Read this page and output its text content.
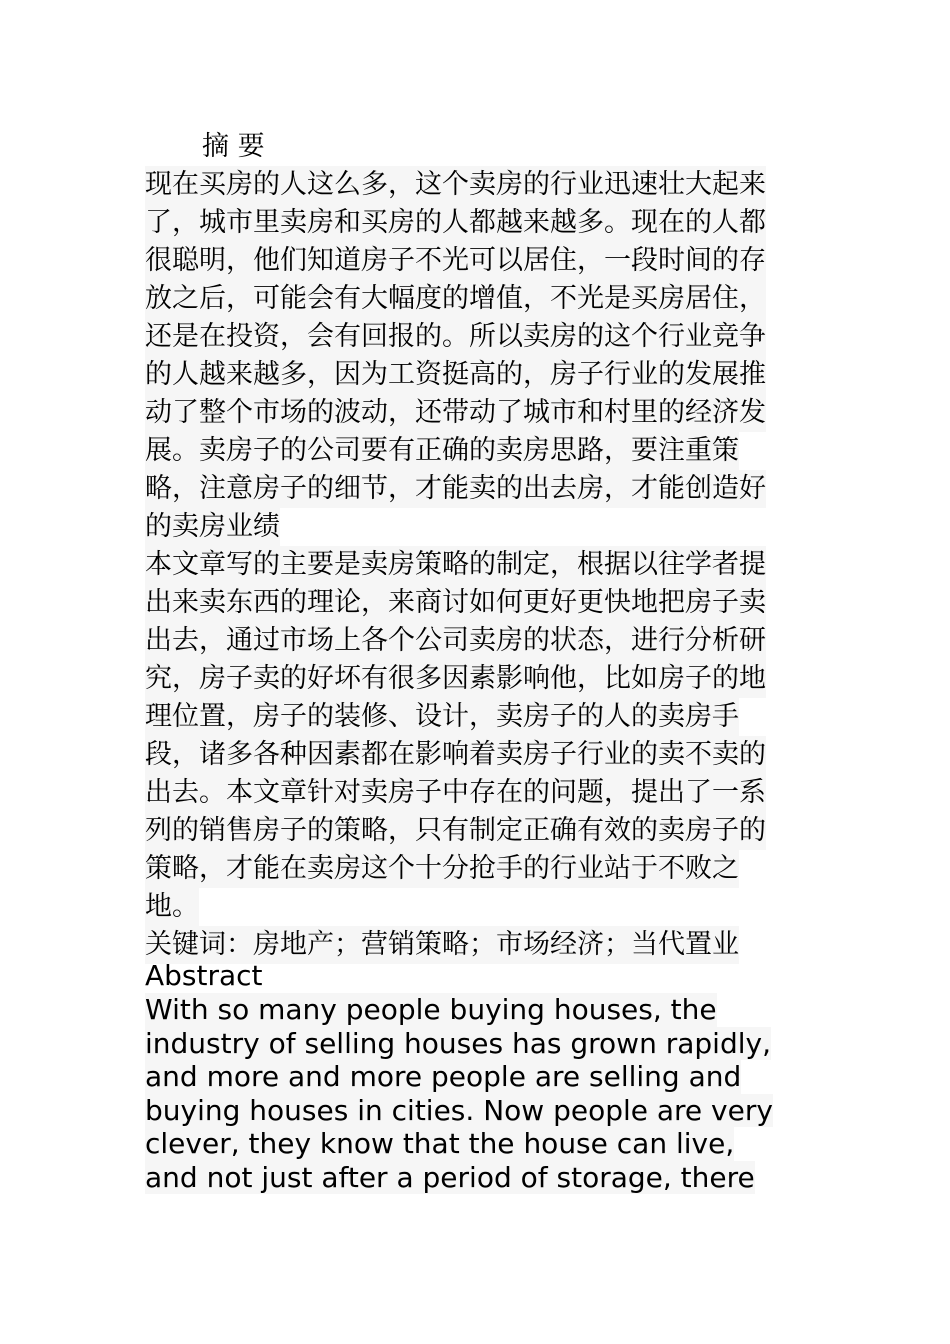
摘 要
现在买房的人这么多，这个卖房的行业迅速壮大起来
了，城市里卖房和买房的人都越来越多。现在的人都
很聪明，他们知道房子不光可以居住，一段时间的存
放之后，可能会有大幅度的增值，不光是买房居住，
还是在投资，会有回报的。所以卖房的这个行业竞争
的人越来越多，因为工资挺高的，房子行业的发展推
动了整个市场的波动，还带动了城市和村里的经济发
展。卖房子的公司要有正确的卖房思路，要注重策
略，注意房子的细节，才能卖的出去房，才能创造好
的卖房业绩
本文章写的主要是卖房策略的制定，根据以往学者提
出来卖东西的理论，来商讨如何更好更快地把房子卖
出去，通过市场上各个公司卖房的状态，进行分析研
究，房子卖的好坏有很多因素影响他，比如房子的地
理位置，房子的装修、设计，卖房子的人的卖房手
段，诸多各种因素都在影响着卖房子行业的卖不卖的
出去。本文章针对卖房子中存在的问题，提出了一系
列的销售房子的策略，只有制定正确有效的卖房子的
策略，才能在卖房这个十分抢手的行业站于不败之
地。
关键词：房地产；营销策略；市场经济；当代置业
Abstract
With so many people buying houses, the
industry of selling houses has grown rapidly,
and more and more people are selling and
buying houses in cities. Now people are very
clever, they know that the house can live,
and not just after a period of storage, there
